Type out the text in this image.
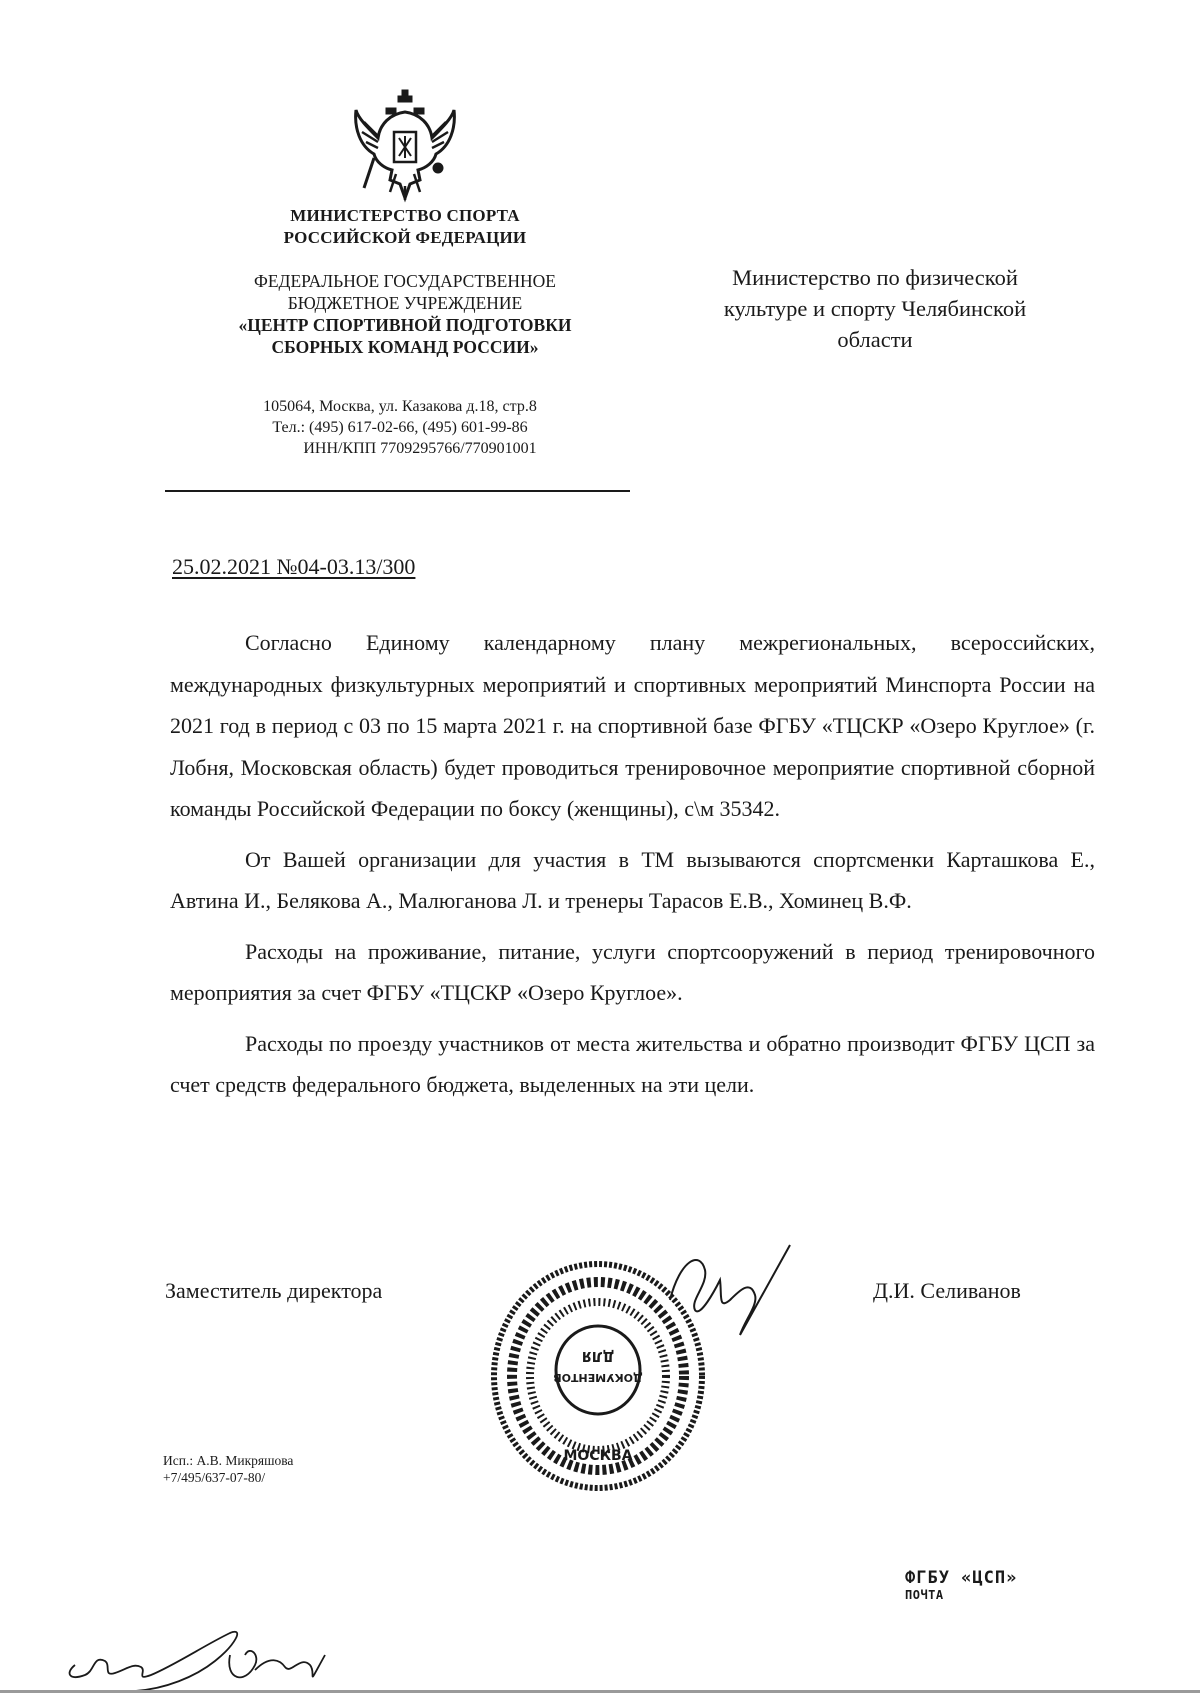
МИНИСТЕРСТВО СПОРТА
РОССИЙСКОЙ ФЕДЕРАЦИИ
ФЕДЕРАЛЬНОЕ ГОСУДАРСТВЕННОЕ
БЮДЖЕТНОЕ УЧРЕЖДЕНИЕ
«ЦЕНТР СПОРТИВНОЙ ПОДГОТОВКИ
СБОРНЫХ КОМАНД РОССИИ»
105064, Москва, ул. Казакова д.18, стр.8
Тел.: (495) 617-02-66, (495) 601-99-86
ИНН/КПП 7709295766/770901001
Министерство по физической
культуре и спорту Челябинской
области
25.02.2021 №04-03.13/300

Согласно Единому календарному плану межрегиональных, всероссийских, международных физкультурных мероприятий и спортивных мероприятий Минспорта России на 2021 год в период с 03 по 15 марта 2021 г. на спортивной базе ФГБУ «ТЦСКР «Озеро Круглое» (г. Лобня, Московская область) будет проводиться тренировочное мероприятие спортивной сборной команды Российской Федерации по боксу (женщины), с\м 35342.

От Вашей организации для участия в ТМ вызываются спортсменки Карташкова Е., Автина И., Белякова А., Малюганова Л. и тренеры Тарасов Е.В., Хоминец В.Ф.

Расходы на проживание, питание, услуги спортсооружений в период тренировочного мероприятия за счет ФГБУ «ТЦСКР «Озеро Круглое».

Расходы по проезду участников от места жительства и обратно производит ФГБУ ЦСП за счет средств федерального бюджета, выделенных на эти цели.

Заместитель директора	Д.И. Селиванов
ДЛЯ
ДОКУМЕНТОВ
МОСКВА
Исп.: А.В. Микряшова
+7/495/637-07-80/
ФГБУ «ЦСП»
ПОЧТА
